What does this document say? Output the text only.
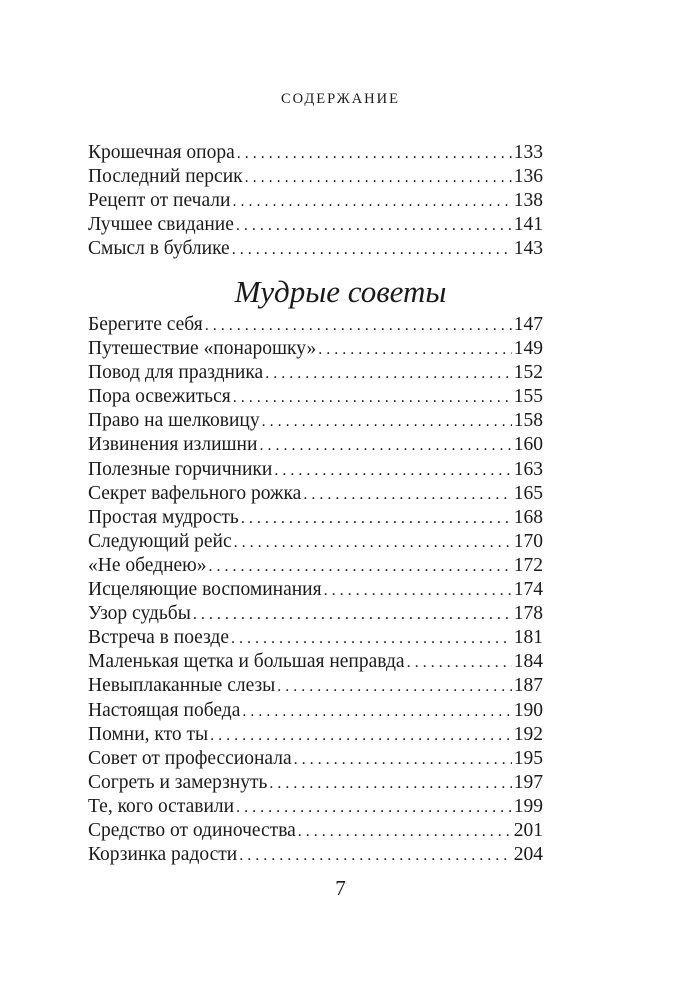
СОДЕРЖАНИЕ
Крошечная опора . . .	133
Последний персик . . .	136
Рецепт от печали . . .	138
Лучшее свидание . . .	141
Смысл в бублике . . .	143
Мудрые советы
Берегите себя . . .	147
Путешествие «понарошку» . . .	149
Повод для праздника . . .	152
Пора освежиться . . .	155
Право на шелковицу . . .	158
Извинения излишни . . .	160
Полезные горчичники . . .	163
Секрет вафельного рожка . . .	165
Простая мудрость . . .	168
Следующий рейс . . .	170
«Не обеднею» . . .	172
Исцеляющие воспоминания . . .	174
Узор судьбы . . .	178
Встреча в поезде . . .	181
Маленькая щетка и большая неправда . . .	184
Невыплаканные слезы . . .	187
Настоящая победа . . .	190
Помни, кто ты . . .	192
Совет от профессионала . . .	195
Согреть и замерзнуть . . .	197
Те, кого оставили . . .	199
Средство от одиночества . . .	201
Корзинка радости . . .	204
7
